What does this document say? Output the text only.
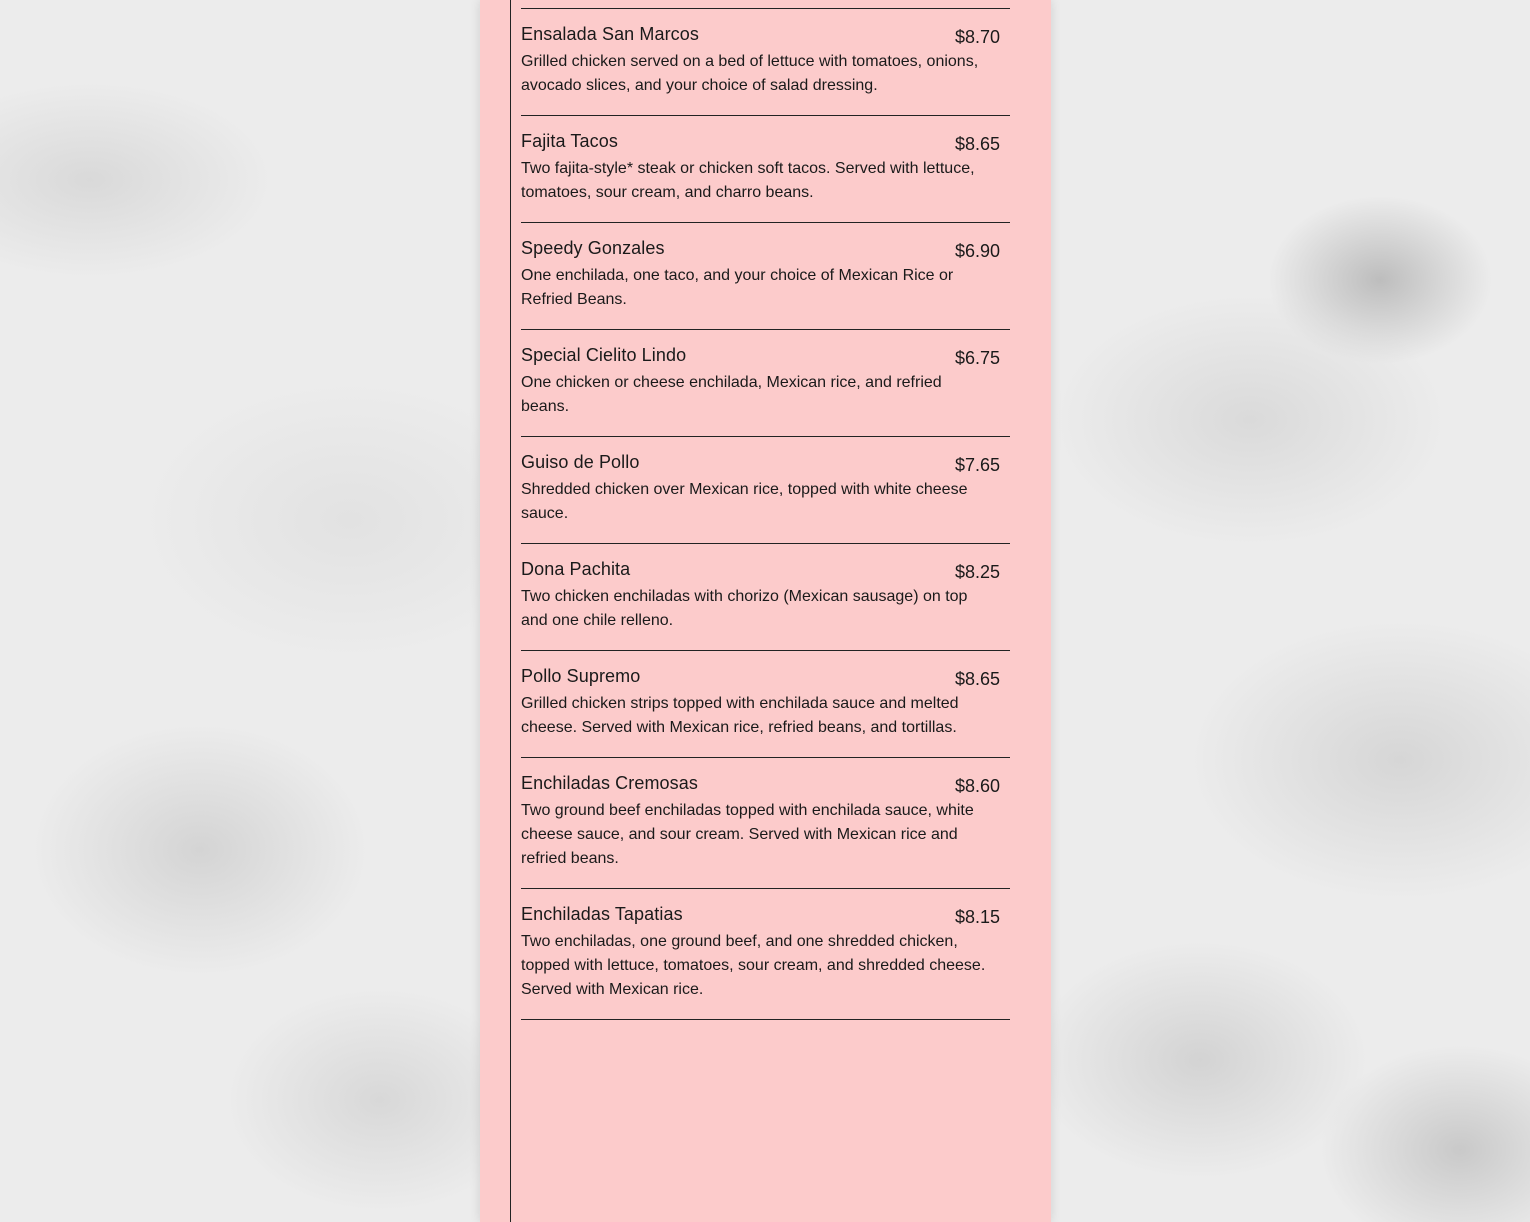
Ensalada San Marcos	$8.70
Grilled chicken served on a bed of lettuce with tomatoes, onions, avocado slices, and your choice of salad dressing.
Fajita Tacos	$8.65
Two fajita-style* steak or chicken soft tacos. Served with lettuce, tomatoes, sour cream, and charro beans.
Speedy Gonzales	$6.90
One enchilada, one taco, and your choice of Mexican Rice or Refried Beans.
Special Cielito Lindo	$6.75
One chicken or cheese enchilada, Mexican rice, and refried beans.
Guiso de Pollo	$7.65
Shredded chicken over Mexican rice, topped with white cheese sauce.
Dona Pachita	$8.25
Two chicken enchiladas with chorizo (Mexican sausage) on top and one chile relleno.
Pollo Supremo	$8.65
Grilled chicken strips topped with enchilada sauce and melted cheese. Served with Mexican rice, refried beans, and tortillas.
Enchiladas Cremosas	$8.60
Two ground beef enchiladas topped with enchilada sauce, white cheese sauce, and sour cream. Served with Mexican rice and refried beans.
Enchiladas Tapatias	$8.15
Two enchiladas, one ground beef, and one shredded chicken, topped with lettuce, tomatoes, sour cream, and shredded cheese. Served with Mexican rice.
